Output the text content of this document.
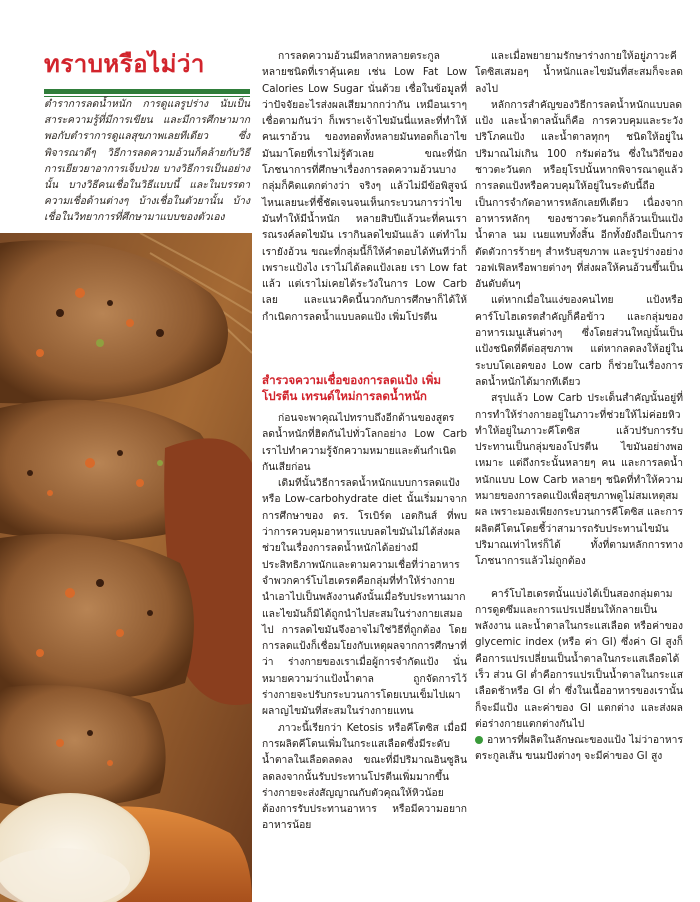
ทราบหรือไม่ว่า

ตำราการลดน้ำหนัก การดูแลรูปร่าง นับเป็นสาระความรู้ที่มีการเขียน และมีการศึกษามากพอกับตำราการดูแลสุขภาพเลยทีเดียว ซึ่งพิจารณาดีๆ วิธีการลดความอ้วนก็คล้ายกับวิธีการเยียวยาอาการเจ็บป่วย บางวิธีการเป็นอย่างนั้น บางวิธีคนเชื่อในวิธีแบบนี้ และในบรรดาความเชื่อด้านต่างๆ บ้างเชื่อในตัวยานั้น บ้างเชื่อในวิทยาการที่ศึกษามาแบบของตัวเอง

การลดความอ้วนมีหลากหลายตระกูล หลายชนิดที่เราคุ้นเคย เช่น Low Fat Low Calories Low Sugar นั่นด้วย เชื่อในข้อมูลที่ว่าปัจจัยอะไรส่งผลเสียมากกว่ากัน เหมือนเราๆ เชื่อตามกันว่า ก็เพราะเจ้าไขมันนี่แหละที่ทำให้คนเราอ้วน ของทอดทั้งหลายมันทอดก็เอาไขมันมาโดยที่เราไม่รู้ตัวเลย ขณะที่นักโภชนาการที่ศึกษาเรื่องการลดความอ้วนบางกลุ่มก็คิดแตกต่างว่า จริงๆ แล้วไม่มีข้อพิสูจน์ไหนเลยนะที่ชี้ชัดเจนจนเห็นกระบวนการว่าไขมันทำให้มีน้ำหนัก หลายสิบปีแล้วนะที่คนเรารณรงค์ลดไขมัน เรากินลดไขมันแล้ว แต่ทำไมเรายังอ้วน ขณะที่กลุ่มนี้ก็ให้คำตอบได้ทันทีว่าก็เพราะแป้งไง เราไม่ได้ลดแป้งเลย เรา Low fat แล้ว แต่เราไม่เคยได้ระวังในการ Low Carb เลย และแนวคิดนี้นวกกับการศึกษาก็ได้ให้กำเนิดการลดน้ำแบบลดแป้ง เพิ่มโปรตีน

สำรวจความเชื่อของการลดแป้ง เพิ่มโปรตีน เทรนด์ใหม่การลดน้ำหนัก

ก่อนจะพาคุณไปทราบถึงอีกด้านของสูตรลดน้ำหนักที่ฮิตกันไปทั่วโลกอย่าง Low Carb เราไปทำความรู้จักความหมายและต้นกำเนิดกันเสียก่อน

เดิมทีนั้นวิธีการลดน้ำหนักแบบการลดแป้ง หรือ Low-carbohydrate diet นั้นเริ่มมาจากการศึกษาของ ดร. โรเบิร์ต เอตกินส์ ที่พบว่าการควบคุมอาหารแบบลดไขมันไม่ได้ส่งผลช่วยในเรื่องการลดน้ำหนักได้อย่างมีประสิทธิภาพนักและตามความเชื่อที่ว่าอาหารจำพวกคาร์โบไฮเดรตคือกลุ่มที่ทำให้ร่างกายนำเอาไปเป็นพลังงานดังนั้นเมื่อรับประทานมาก และไขมันก็มิได้ถูกนำไปสะสมในร่างกายเสมอไป การลดไขมันจึงอาจไม่ใช่วิธีที่ถูกต้อง โดยการลดแป้งก็เชื่อมโยงกับเหตุผลจากการศึกษาที่ว่า ร่างกายของเราเมื่อผู้การจำกัดแป้ง นั่นหมายความว่าแป้งน้ำตาล ถูกจัดการไว้ ร่างกายจะปรับกระบวนการโดยเบนเข็มไปเผาผลาญไขมันที่สะสมในร่างกายแทน

ภาวะนี้เรียกว่า Ketosis หรือคีโตซิส เมื่อมีการผลิตคีโตนเพิ่มในกระแสเลือดซึ่งมีระดับน้ำตาลในเลือดลดลง ขณะที่มีปริมาณอินซูลินลดลงจากนั้นรับประทานโปรตีนเพิ่มมากขึ้น ร่างกายจะส่งสัญญาณกับตัวคุณให้หิวน้อย ต้องการรับประทานอาหาร หรือมีความอยากอาหารน้อย

และเมื่อพยายามรักษาร่างกายให้อยู่ภาวะคีโตซิสเสมอๆ น้ำหนักและไขมันที่สะสมก็จะลดลงไป

หลักการสำคัญของวิธีการลดน้ำหนักแบบลดแป้ง และน้ำตาลนั้นก็คือ การควบคุมและระวังปริโภคแป้ง และน้ำตาลทุกๆ ชนิดให้อยู่ในปริมาณไม่เกิน 100 กรัมต่อวัน ซึ่งในวิถีของชาวตะวันตก หรือยุโรปนั้นหากพิจารณาดูแล้วการลดแป้งหรือควบคุมให้อยู่ในระดับนี้ถือเป็นการจำกัดอาหารหลักเลยทีเดียว เนื่องจากอาหารหลักๆ ของชาวตะวันตกก็ล้วนเป็นแป้ง น้ำตาล นม เนยแทบทั้งสิ้น อีกทั้งยังถือเป็นการตัดตัวการร้ายๆ สำหรับสุขภาพ และรูปร่างอย่างวอฟเฟิลหรือพายต่างๆ ที่ส่งผลให้คนอ้วนขึ้นเป็นอันดับต้นๆ

แต่หากเมื่อในแง่ของคนไทย แป้งหรือคาร์โบไฮเดรตสำคัญก็คือข้าว และกลุ่มของอาหารเมนูเส้นต่างๆ ซึ่งโดยส่วนใหญ่นั้นเป็นแป้งชนิดที่ดีต่อสุขภาพ แต่หากลดลงให้อยู่ในระบบโดเอตของ Low carb ก็ช่วยในเรื่องการลดน้ำหนักได้มากทีเดียว

สรุปแล้ว Low Carb ประเด็นสำคัญนั้นอยู่ที่การทำให้ร่างกายอยู่ในภาวะที่ช่วยให้ไม่ค่อยหิว ทำให้อยู่ในภาวะคีโตซิส แล้วปรับการรับประทานเป็นกลุ่มของโปรตีน ไขมันอย่างพอเหมาะ แต่ถึงกระนั้นหลายๆ คน และการลดน้ำหนักแบบ Low Carb หลายๆ ชนิดที่ทำให้ความหมายของการลดแป้งเพื่อสุขภาพดูไม่สมเหตุสมผล เพราะมองเพียงกระบวนการคีโตซิส และการผลิตคีโตนโดยชี้ว่าสามารถรับประทานไขมันปริมาณเท่าไหร่ก็ได้ ทั้งที่ตามหลักการทางโภชนาการแล้วไม่ถูกต้อง

คาร์โบไฮเดรตนั้นแบ่งได้เป็นสองกลุ่มตามการดูดซึมและการแปรเปลี่ยนให้กลายเป็นพลังงาน และน้ำตาลในกระแสเลือด หรือค่าของ glycemic index (หรือ ค่า GI) ซึ่งค่า GI สูงก็คือการแปรเปลี่ยนเป็นน้ำตาลในกระแสเลือดได้เร็ว ส่วน GI ต่ำคือการแปรเป็นน้ำตาลในกระแสเลือดช้าหรือ GI ต่ำ ซึ่งในเนื้ออาหารของเรานั้นก็จะมีแป้ง และค่าของ GI แตกต่าง และส่งผลต่อร่างกายแตกต่างกันไป

อาหารที่ผลิตในลักษณะของแป้ง ไม่ว่าอาหารตระกูลเส้น ขนมปังต่างๆ จะมีค่าของ GI สูง
